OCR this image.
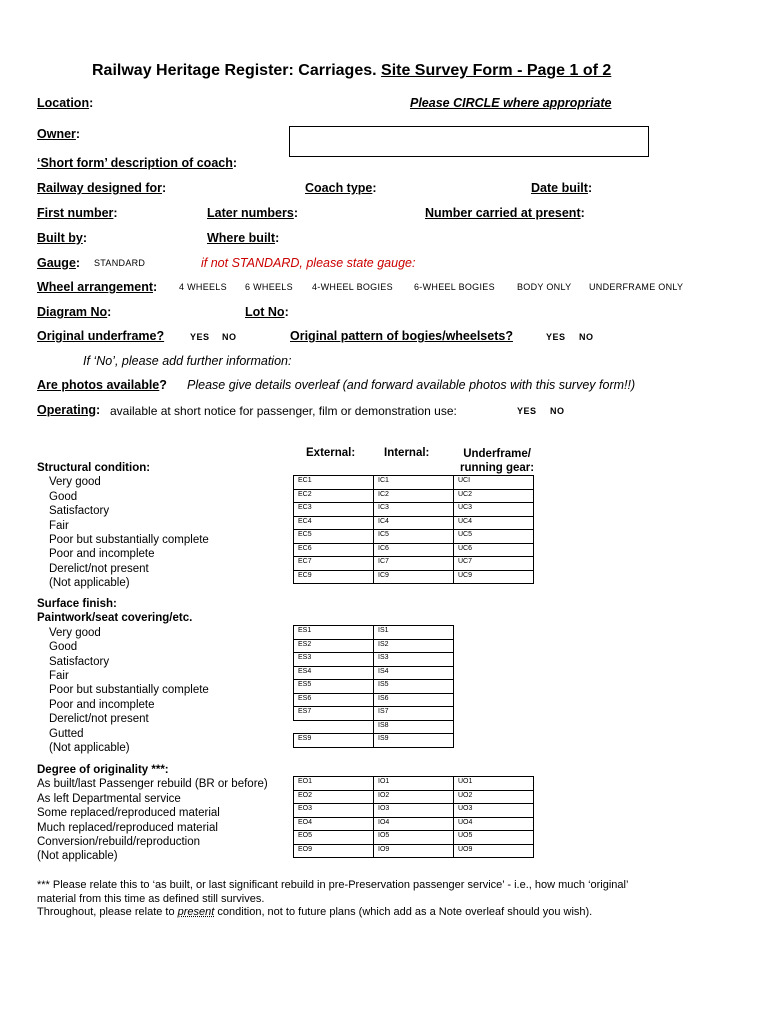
Railway Heritage Register: Carriages. Site Survey Form - Page 1 of 2
Location:	Please CIRCLE where appropriate
Owner:
‘Short form’ description of coach:
Railway designed for:	Coach type:	Date built:
First number:	Later numbers:	Number carried at present:
Built by:	Where built:
Gauge: STANDARD	if not STANDARD, please state gauge:
Wheel arrangement: 4 WHEELS 6 WHEELS 4-WHEEL BOGIES 6-WHEEL BOGIES BODY ONLY UNDERFRAME ONLY
Diagram No:	Lot No:
Original underframe?	YES NO	Original pattern of bogies/wheelsets?	YES NO
If ‘No’, please add further information:
Are photos available? Please give details overleaf (and forward available photos with this survey form!!)
Operating: available at short notice for passenger, film or demonstration use:	YES NO
External:	Internal:	Underframe/
running gear:
Structural condition:
Very good
Good
Satisfactory
Fair
Poor but substantially complete
Poor and incomplete
Derelict/not present
(Not applicable)
EC1	IC1	UCI
EC2	IC2	UC2
EC3	IC3	UC3
EC4	IC4	UC4
EC5	IC5	UC5
EC6	IC6	UC6
EC7	IC7	UC7
EC9	IC9	UC9
Surface finish:
Paintwork/seat covering/etc.
Very good
Good
Satisfactory
Fair
Poor but substantially complete
Poor and incomplete
Derelict/not present
Gutted
(Not applicable)
ES1	IS1
ES2	IS2
ES3	IS3
ES4	IS4
ES5	IS5
ES6	IS6
ES7	IS7
	IS8
ES9	IS9
Degree of originality ***:
As built/last Passenger rebuild (BR or before)
As left Departmental service
Some replaced/reproduced material
Much replaced/reproduced material
Conversion/rebuild/reproduction
(Not applicable)
EO1	IO1	UO1
EO2	IO2	UO2
EO3	IO3	UO3
EO4	IO4	UO4
EO5	IO5	UO5
EO9	IO9	UO9
*** Please relate this to ‘as built, or last significant rebuild in pre-Preservation passenger service’ - i.e., how much ‘original’
material from this time as defined still survives.
Throughout, please relate to present condition, not to future plans (which add as a Note overleaf should you wish).
